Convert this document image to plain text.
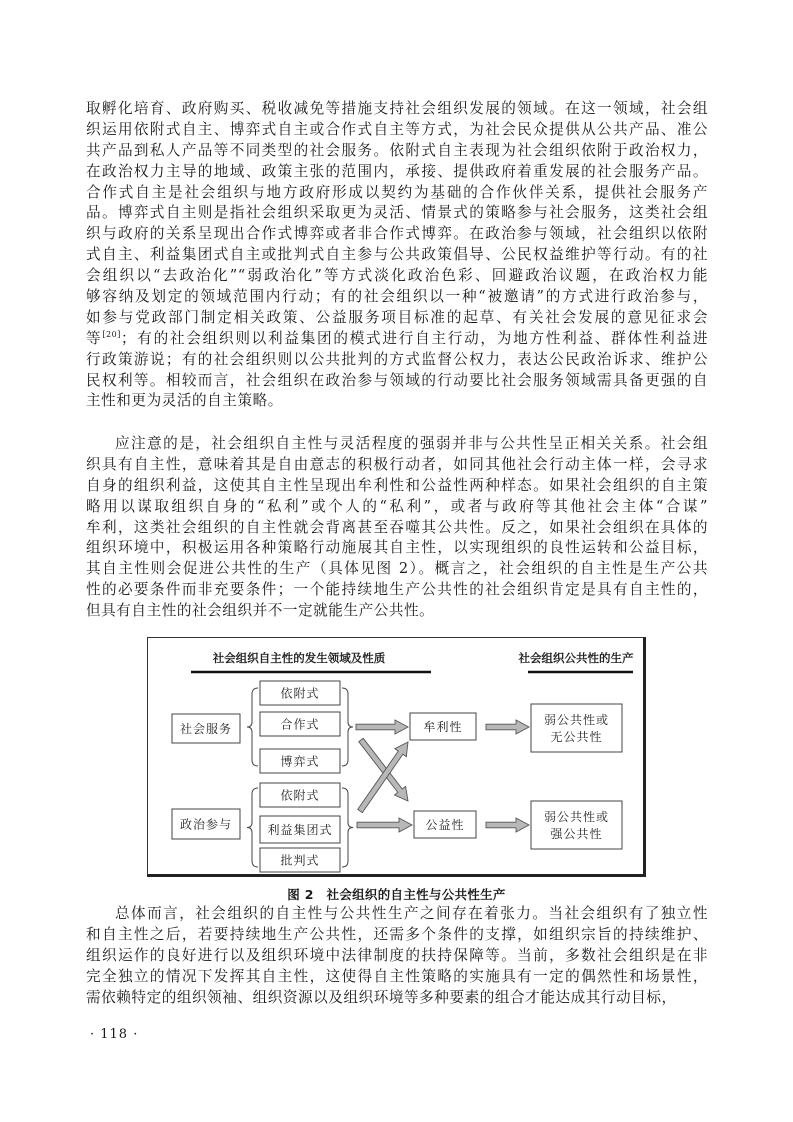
取孵化培育、政府购买、税收减免等措施支持社会组织发展的领域。在这一领域，社会组
织运用依附式自主、博弈式自主或合作式自主等方式，为社会民众提供从公共产品、准公
共产品到私人产品等不同类型的社会服务。依附式自主表现为社会组织依附于政治权力，
在政治权力主导的地域、政策主张的范围内，承接、提供政府着重发展的社会服务产品。
合作式自主是社会组织与地方政府形成以契约为基础的合作伙伴关系，提供社会服务产
品。博弈式自主则是指社会组织采取更为灵活、情景式的策略参与社会服务，这类社会组
织与政府的关系呈现出合作式博弈或者非合作式博弈。在政治参与领域，社会组织以依附
式自主、利益集团式自主或批判式自主参与公共政策倡导、公民权益维护等行动。有的社
会组织以“去政治化”“弱政治化”等方式淡化政治色彩、回避政治议题，在政治权力能
够容纳及划定的领域范围内行动；有的社会组织以一种“被邀请”的方式进行政治参与，
如参与党政部门制定相关政策、公益服务项目标准的起草、有关社会发展的意见征求会
等[20]；有的社会组织则以利益集团的模式进行自主行动，为地方性利益、群体性利益进
行政策游说；有的社会组织则以公共批判的方式监督公权力，表达公民政治诉求、维护公
民权利等。相较而言，社会组织在政治参与领域的行动要比社会服务领域需具备更强的自
主性和更为灵活的自主策略。
应注意的是，社会组织自主性与灵活程度的强弱并非与公共性呈正相关关系。社会组
织具有自主性，意味着其是自由意志的积极行动者，如同其他社会行动主体一样，会寻求
自身的组织利益，这使其自主性呈现出牟利性和公益性两种样态。如果社会组织的自主策
略用以谋取组织自身的“私利”或个人的“私利”，或者与政府等其他社会主体“合谋”
牟利，这类社会组织的自主性就会背离甚至吞噬其公共性。反之，如果社会组织在具体的
组织环境中，积极运用各种策略行动施展其自主性，以实现组织的良性运转和公益目标，
其自主性则会促进公共性的生产（具体见图 2）。概言之，社会组织的自主性是生产公共
性的必要条件而非充要条件；一个能持续地生产公共性的社会组织肯定是具有自主性的，
但具有自主性的社会组织并不一定就能生产公共性。
社会组织自主性的发生领域及性质	社会组织公共性的生产
社会服务
政治参与
依附式
合作式
博弈式
依附式
利益集团式
批判式
牟利性
公益性
弱公共性或
无公共性
弱公共性或
强公共性
图 2　社会组织的自主性与公共性生产
总体而言，社会组织的自主性与公共性生产之间存在着张力。当社会组织有了独立性
和自主性之后，若要持续地生产公共性，还需多个条件的支撑，如组织宗旨的持续维护、
组织运作的良好进行以及组织环境中法律制度的扶持保障等。当前，多数社会组织是在非
完全独立的情况下发挥其自主性，这使得自主性策略的实施具有一定的偶然性和场景性，
需依赖特定的组织领袖、组织资源以及组织环境等多种要素的组合才能达成其行动目标，
· 118 ·
